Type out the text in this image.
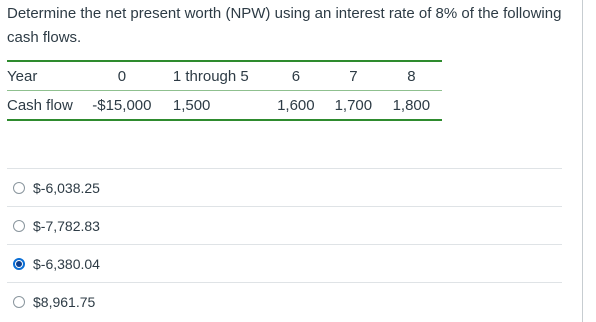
Determine the net present worth (NPW) using an interest rate of 8% of the following cash flows.
Year	0	1 through 5	6	7	8
Cash flow	-$15,000	1,500	1,600	1,700	1,800
$-6,038.25
$-7,782.83
$-6,380.04
$8,961.75
